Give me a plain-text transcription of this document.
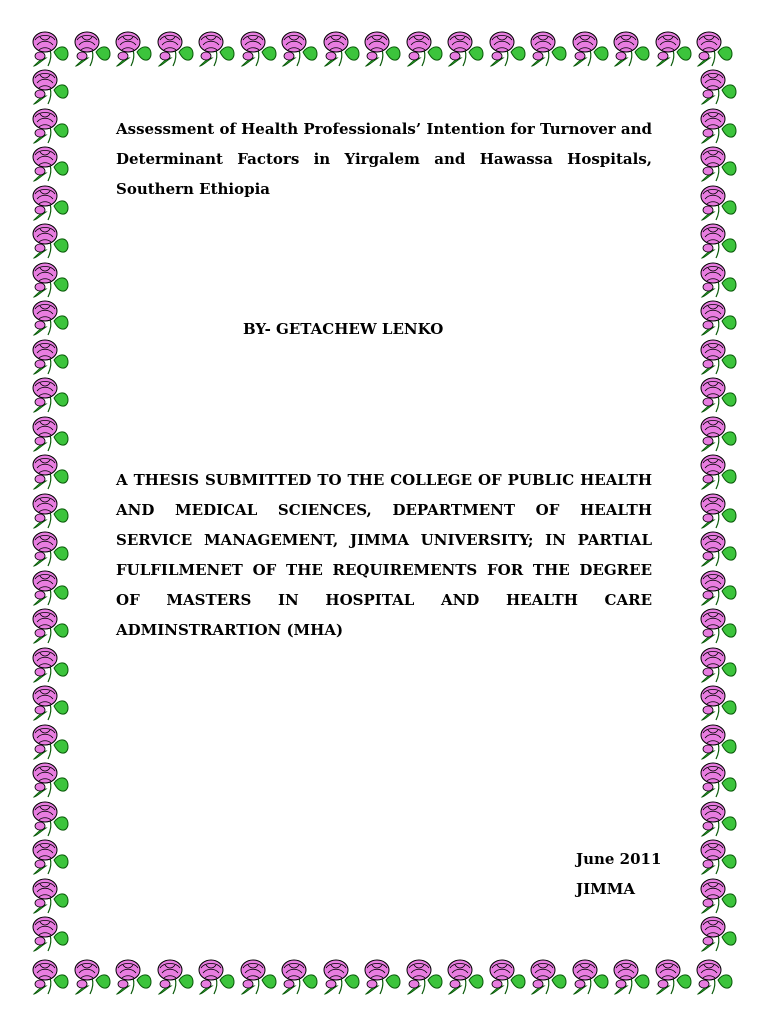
Assessment of Health Professionals’ Intention for Turnover and Determinant Factors in Yirgalem and Hawassa Hospitals, Southern Ethiopia
BY- GETACHEW LENKO
A THESIS SUBMITTED TO THE COLLEGE OF PUBLIC HEALTH AND MEDICAL SCIENCES, DEPARTMENT OF HEALTH SERVICE MANAGEMENT, JIMMA UNIVERSITY; IN PARTIAL FULFILMENET OF THE REQUIREMENTS FOR THE DEGREE OF MASTERS IN HOSPITAL AND HEALTH CARE ADMINSTRARTION (MHA)
June 2011
JIMMA
